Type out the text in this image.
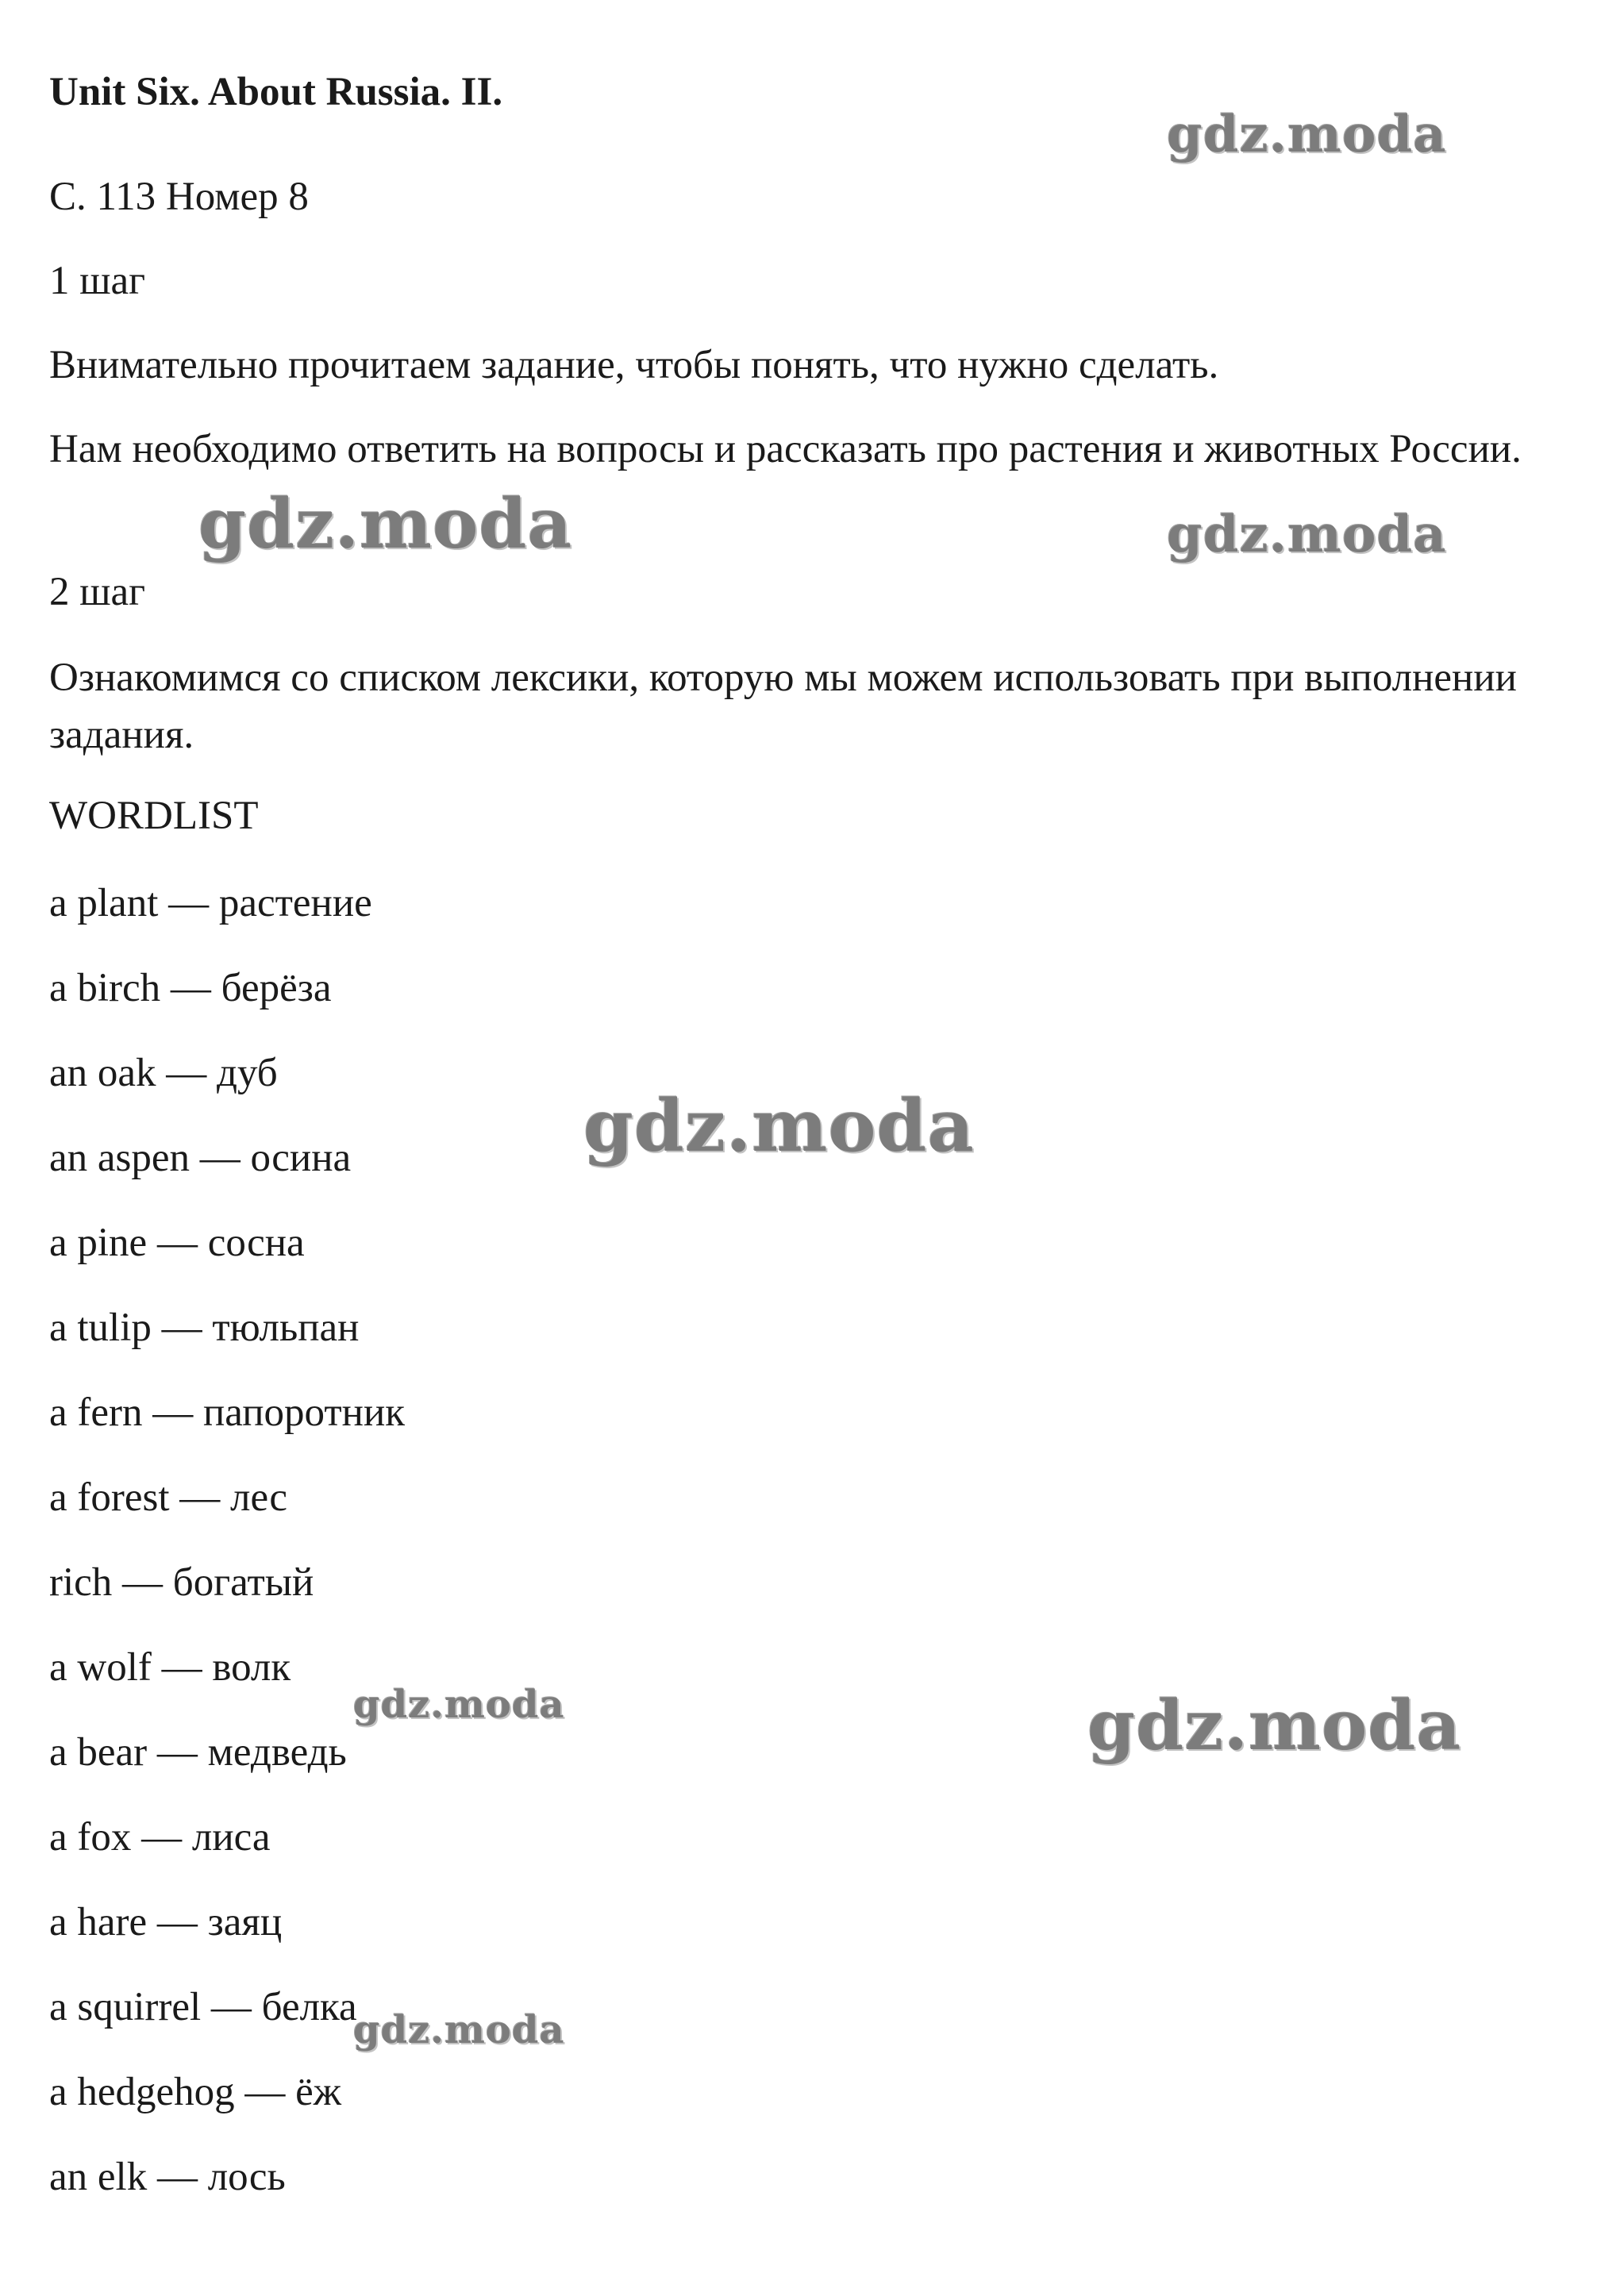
Unit Six. About Russia. II.
С. 113 Номер 8
1 шаг
Внимательно прочитаем задание, чтобы понять, что нужно сделать.
Нам необходимо ответить на вопросы и рассказать про растения и животных России.
2 шаг
Ознакомимся со списком лексики, которую мы можем использовать при выполнении задания.
WORDLIST
a plant — растение
a birch — берёза
an oak — дуб
an aspen — осина
a pine — сосна
a tulip — тюльпан
a fern — папоротник
a forest — лес
rich — богатый
a wolf — волк
a bear — медведь
a fox — лиса
a hare — заяц
a squirrel — белка
a hedgehog — ёж
an elk — лось
gdz.moda
gdz.moda	gdz.moda
gdz.moda
gdz.moda	gdz.moda
gdz.moda
